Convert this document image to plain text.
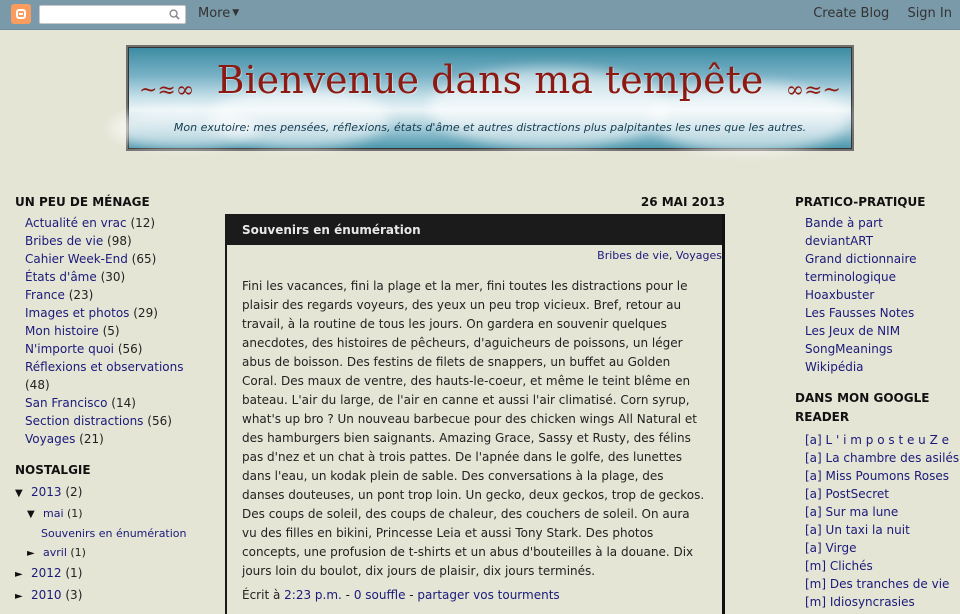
More ▼	Create Blog Sign In
~≈∞ Bienvenue dans ma tempête	∞≈~
Mon exutoire: mes pensées, réflexions, états d'âme et autres distractions plus palpitantes les unes que les autres.
UN PEU DE MÉNAGE
Actualité en vrac (12)
Bribes de vie (98)
Cahier Week-End (65)
États d'âme (30)
France (23)
Images et photos (29)
Mon histoire (5)
N'importe quoi (56)
Réflexions et observations (48)
San Francisco (14)
Section distractions (56)
Voyages (21)
NOSTALGIE
▼ 2013 (2)
▼ mai (1)
Souvenirs en énumération
► avril (1)
► 2012 (1)
► 2010 (3)
26 MAI 2013
Souvenirs en énumération
Bribes de vie, Voyages
Fini les vacances, fini la plage et la mer, fini toutes les distractions pour le plaisir des regards voyeurs, des yeux un peu trop vicieux. Bref, retour au travail, à la routine de tous les jours. On gardera en souvenir quelques anecdotes, des histoires de pêcheurs, d'aguicheurs de poissons, un léger abus de boisson. Des festins de filets de snappers, un buffet au Golden Coral. Des maux de ventre, des hauts-le-coeur, et même le teint blême en bateau. L'air du large, de l'air en canne et aussi l'air climatisé. Corn syrup, what's up bro ? Un nouveau barbecue pour des chicken wings All Natural et des hamburgers bien saignants. Amazing Grace, Sassy et Rusty, des félins pas d'nez et un chat à trois pattes. De l'apnée dans le golfe, des lunettes dans l'eau, un kodak plein de sable. Des conversations à la plage, des danses douteuses, un pont trop loin. Un gecko, deux geckos, trop de geckos. Des coups de soleil, des coups de chaleur, des couchers de soleil. On aura vu des filles en bikini, Princesse Leia et aussi Tony Stark. Des photos concepts, une profusion de t-shirts et un abus d'bouteilles à la douane. Dix jours loin du boulot, dix jours de plaisir, dix jours terminés.
Écrit à 2:23 p.m. - 0 souffle - partager vos tourments
PRATICO-PRATIQUE
Bande à part
deviantART
Grand dictionnaire terminologique
Hoaxbuster
Les Fausses Notes
Les Jeux de NIM
SongMeanings
Wikipédia
DANS MON GOOGLE READER
[a] L ' i m p o s t e u Z e
[a] La chambre des asilés
[a] Miss Poumons Roses
[a] PostSecret
[a] Sur ma lune
[a] Un taxi la nuit
[a] Virge
[m] Clichés
[m] Des tranches de vie
[m] Idiosyncrasies
